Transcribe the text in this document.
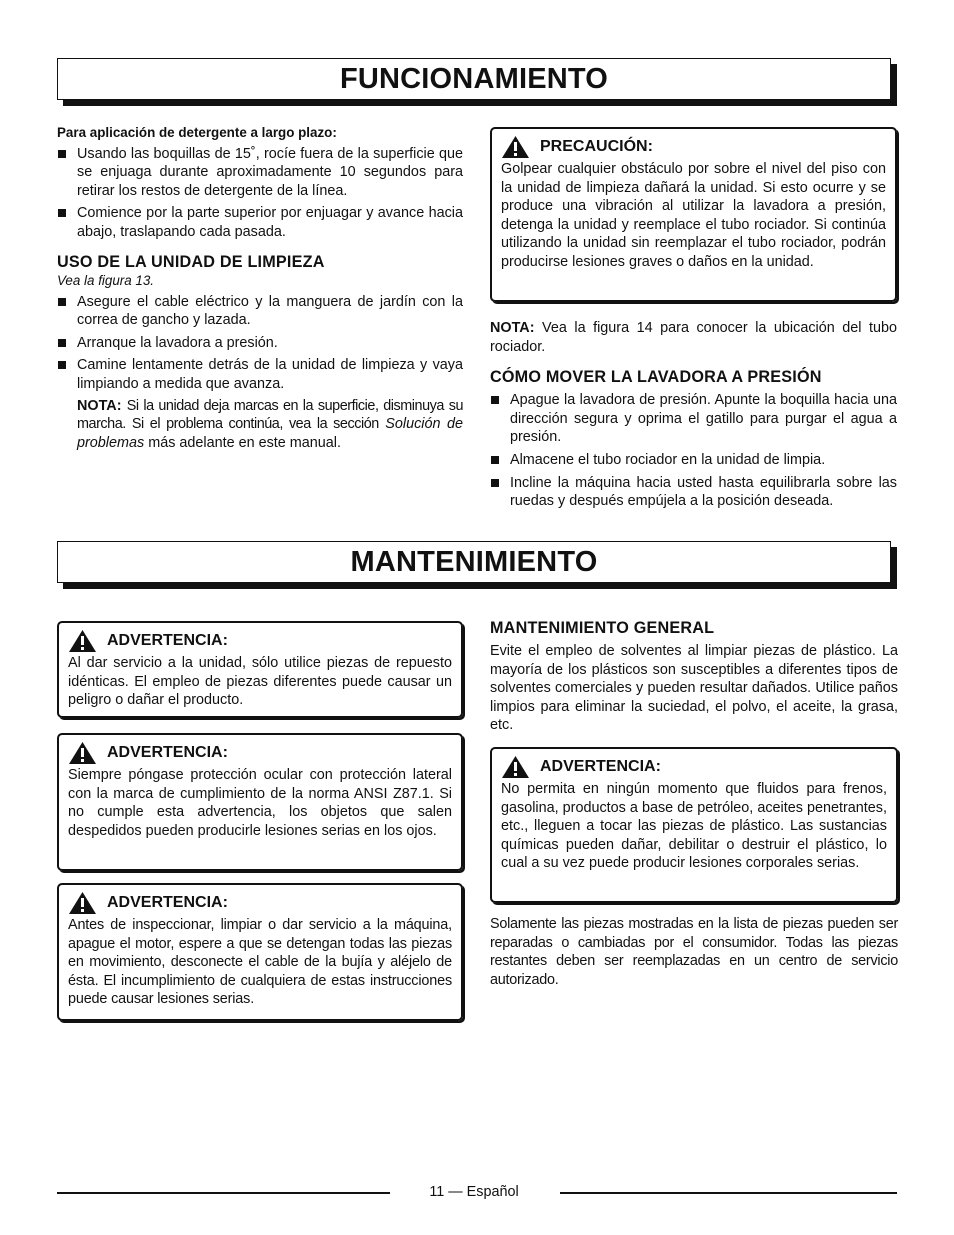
FUNCIONAMIENTO

Para aplicación de detergente a largo plazo:

Usando las boquillas de 15˚, rocíe fuera de la superficie que se enjuaga durante aproximadamente 10 segundos para retirar los restos de detergente de la línea.
Comience por la parte superior por enjuagar y avance hacia abajo, traslapando cada pasada.
USO DE LA UNIDAD DE LIMPIEZA

Vea la figura 13.

Asegure el cable eléctrico y la manguera de jardín con la correa de gancho y lazada.
Arranque la lavadora a presión.
Camine lentamente detrás de la unidad de limpieza y vaya limpiando a medida que avanza.

NOTA: Si la unidad deja marcas en la superficie, disminuya su marcha. Si el problema continúa, vea la sección Solución de problemas más adelante en este manual.

PRECAUCIÓN:

Golpear cualquier obstáculo por sobre el nivel del piso con la unidad de limpieza dañará la unidad. Si esto ocurre y se produce una vibración al utilizar la lavadora a presión, detenga la unidad y reemplace el tubo rociador. Si continúa utilizando la unidad sin reemplazar el tubo rociador, podrán producirse lesiones graves o daños en la unidad.

NOTA: Vea la figura 14 para conocer la ubicación del tubo rociador.

CÓMO MOVER LA LAVADORA A PRESIÓN
Apague la lavadora de presión. Apunte la boquilla hacia una dirección segura y oprima el gatillo para purgar el agua a presión.
Almacene el tubo rociador en la unidad de limpia.
Incline la máquina hacia usted hasta equilibrarla sobre las ruedas y después empújela a la posición deseada.
MANTENIMIENTO
ADVERTENCIA:

Al dar servicio a la unidad, sólo utilice piezas de repuesto idénticas. El empleo de piezas diferentes puede causar un peligro o dañar el producto.

ADVERTENCIA:

Siempre póngase protección ocular con protección lateral con la marca de cumplimiento de la norma ANSI Z87.1. Si no cumple esta advertencia, los objetos que salen despedidos pueden producirle lesiones serias en los ojos.

ADVERTENCIA:

Antes de inspeccionar, limpiar o dar servicio a la máquina, apague el motor, espere a que se detengan todas las piezas en movimiento, desconecte el cable de la bujía y aléjelo de ésta. El incumplimiento de cualquiera de estas instrucciones puede causar lesiones serias.

MANTENIMIENTO GENERAL

Evite el empleo de solventes al limpiar piezas de plástico. La mayoría de los plásticos son susceptibles a diferentes tipos de solventes comerciales y pueden resultar dañados. Utilice paños limpios para eliminar la suciedad, el polvo, el aceite, la grasa, etc.

ADVERTENCIA:

No permita en ningún momento que fluidos para frenos, gasolina, productos a base de petróleo, aceites penetrantes, etc., lleguen a tocar las piezas de plástico. Las sustancias químicas pueden dañar, debilitar o destruir el plástico, lo cual a su vez puede producir lesiones corporales serias.

Solamente las piezas mostradas en la lista de piezas pueden ser reparadas o cambiadas por el consumidor. Todas las piezas restantes deben ser reemplazadas en un centro de servicio autorizado.

11 — Español
